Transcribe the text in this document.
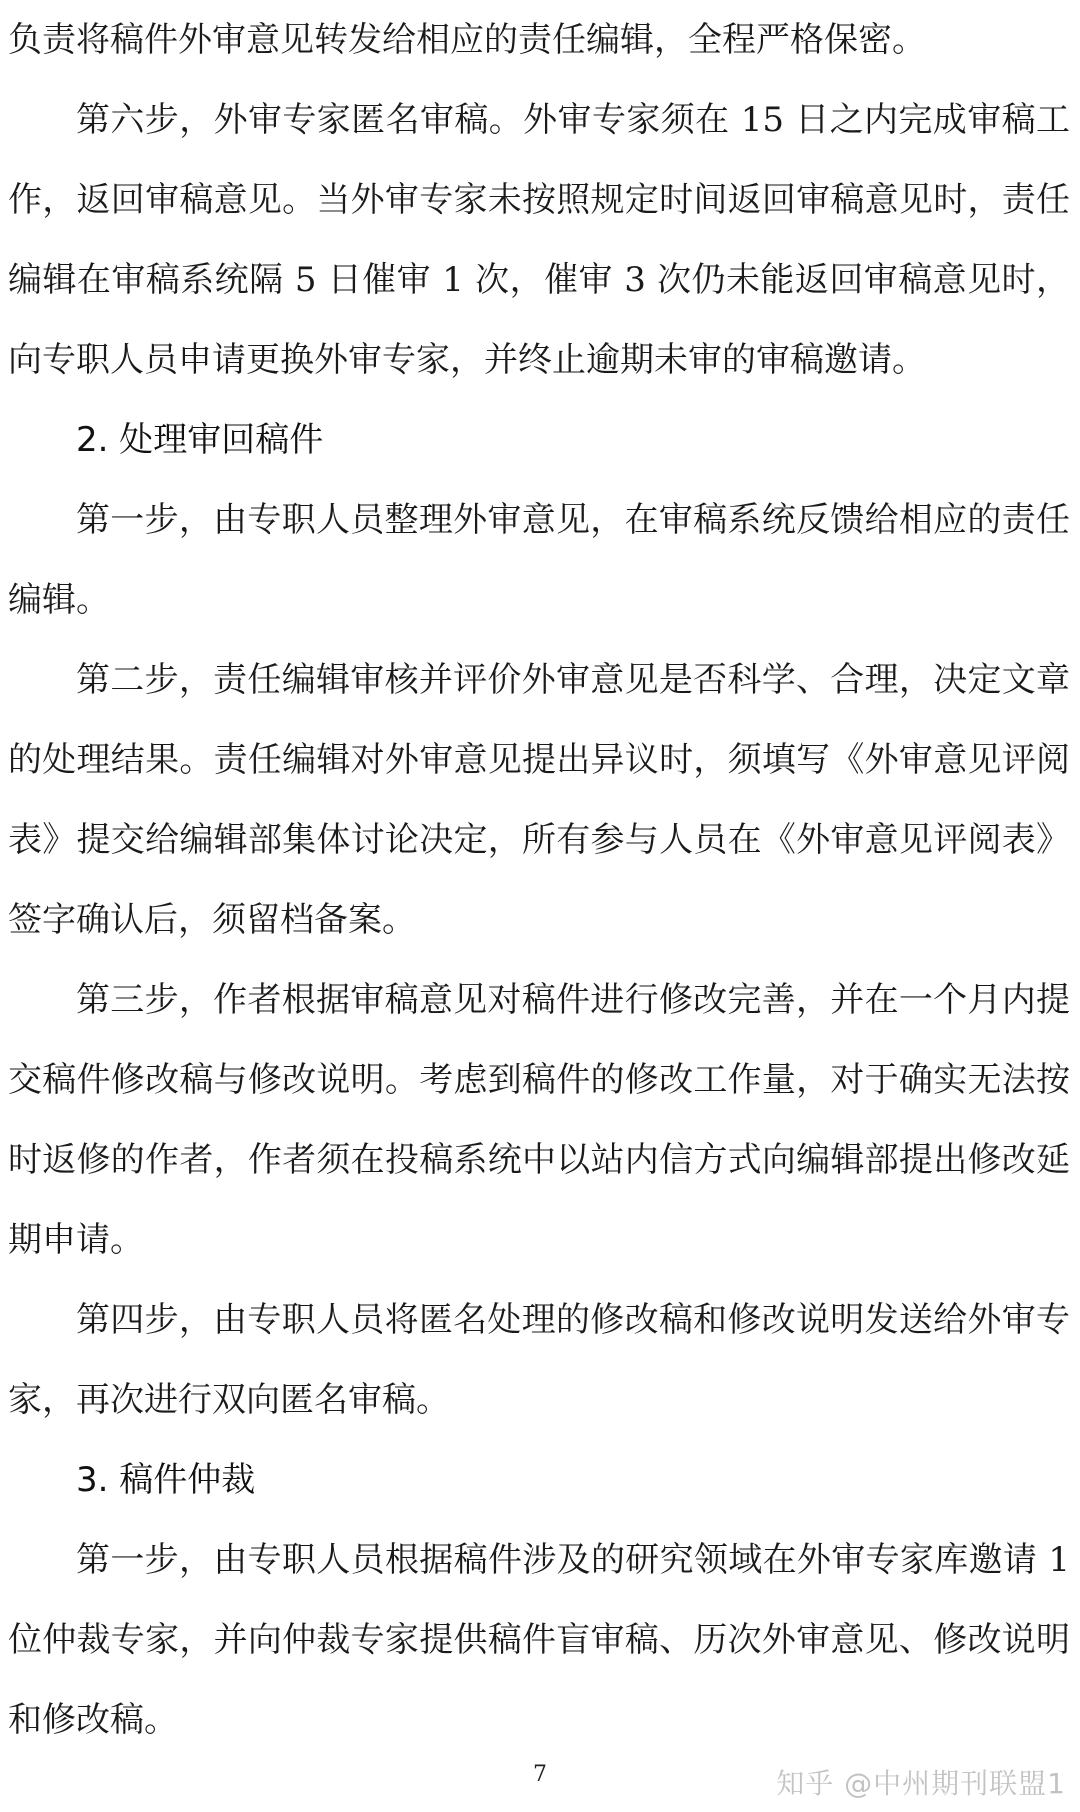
负责将稿件外审意见转发给相应的责任编辑，全程严格保密。

第六步，外审专家匿名审稿。外审专家须在 15 日之内完成审稿工作，返回审稿意见。当外审专家未按照规定时间返回审稿意见时，责任编辑在审稿系统隔 5 日催审 1 次，催审 3 次仍未能返回审稿意见时，向专职人员申请更换外审专家，并终止逾期未审的审稿邀请。

2. 处理审回稿件

第一步，由专职人员整理外审意见，在审稿系统反馈给相应的责任编辑。

第二步，责任编辑审核并评价外审意见是否科学、合理，决定文章的处理结果。责任编辑对外审意见提出异议时，须填写《外审意见评阅表》提交给编辑部集体讨论决定，所有参与人员在《外审意见评阅表》签字确认后，须留档备案。

第三步，作者根据审稿意见对稿件进行修改完善，并在一个月内提交稿件修改稿与修改说明。考虑到稿件的修改工作量，对于确实无法按时返修的作者，作者须在投稿系统中以站内信方式向编辑部提出修改延期申请。

第四步，由专职人员将匿名处理的修改稿和修改说明发送给外审专家，再次进行双向匿名审稿。

3. 稿件仲裁

第一步，由专职人员根据稿件涉及的研究领域在外审专家库邀请 1 位仲裁专家，并向仲裁专家提供稿件盲审稿、历次外审意见、修改说明和修改稿。

7	知乎 @中州期刊联盟1
